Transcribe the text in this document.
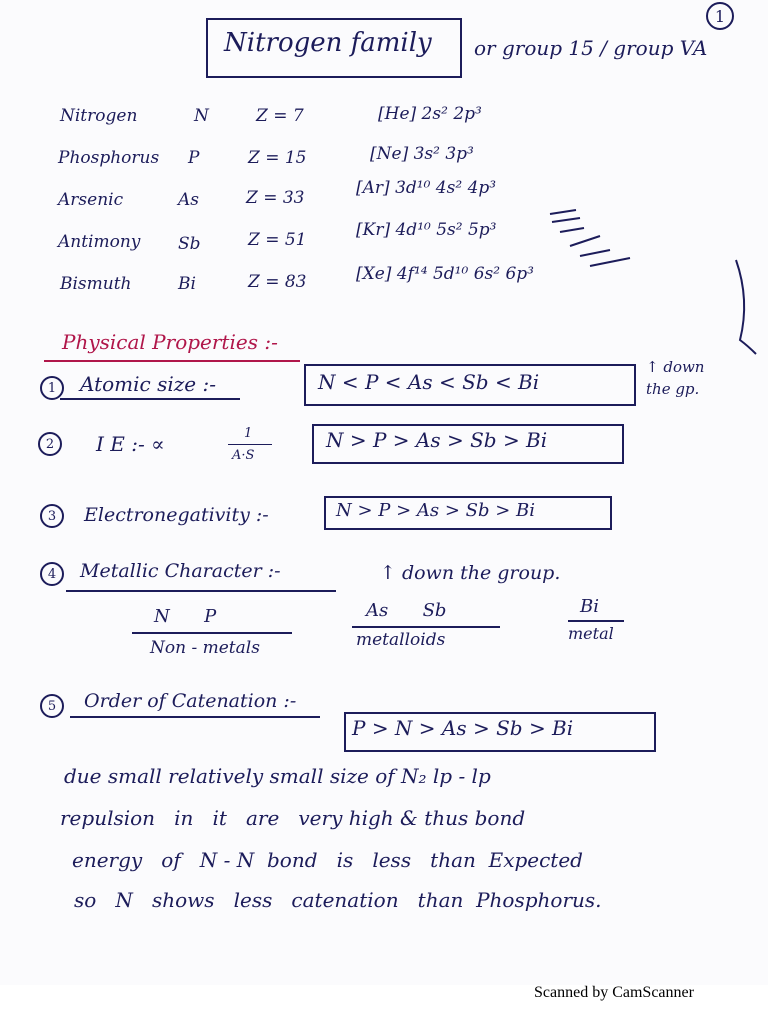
1
Nitrogen family or group 15 / group VA
Nitrogen	N	Z = 7	[He] 2s² 2p³
Phosphorus P	Z = 15	[Ne] 3s² 3p³
Arsenic	As	Z = 33	[Ar] 3d¹⁰ 4s² 4p³
Antimony Sb	Z = 51	[Kr] 4d¹⁰ 5s² 5p³
Bismuth	Bi	Z = 83	[Xe] 4f¹⁴ 5d¹⁰ 6s² 6p³
Physical Properties :-
1	Atomic size :-	N < P < As < Sb < Bi
↑ down
the gp.
2	I E :- ∝	1
A·S
N > P > As > Sb > Bi
3	Electronegativity :-	N > P > As > Sb > Bi
4	Metallic Character :-	↑ down the group.
N      P
Non - metals
As      Sb
metalloids
Bi
metal
5	Order of Catenation :-
P > N > As > Sb > Bi
due small relatively small size of N₂ lp - lp
repulsion   in   it   are   very high & thus bond
energy   of   N - N  bond   is   less   than  Expected
so   N   shows   less   catenation   than  Phosphorus.
Scanned by CamScanner
